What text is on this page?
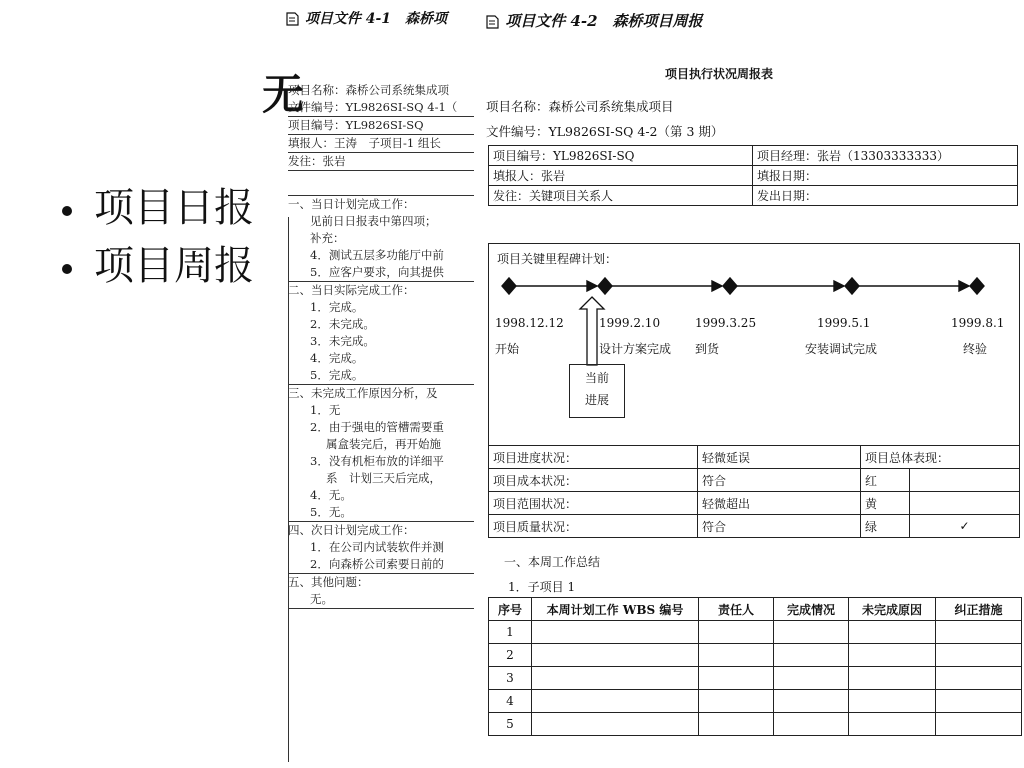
无
项目日报
项目周报
项目文件 4-1　森桥项
项目名称：森桥公司系统集成项
文件编号：YL9826SI-SQ 4-1（
项目编号：YL9826SI-SQ
填报人：王涛　子项目-1 组长
发往：张岩
一、当日计划完成工作：
见前日日报表中第四项；
补充：
4．测试五层多功能厅中前
5．应客户要求，向其提供
二、当日实际完成工作：
1．完成。
2．未完成。
3．未完成。
4．完成。
5．完成。
三、未完成工作原因分析，及
1．无
2．由于强电的管槽需要重
属盒装完后，再开始施
3．没有机柜布放的详细平
系　计划三天后完成，
4．无。
5．无。
四、次日计划完成工作：
1．在公司内试装软件并测
2．向森桥公司索要日前的
五、其他问题：
无。
项目文件 4-2　森桥项目周报
项目执行状况周报表
项目名称：森桥公司系统集成项目
文件编号：YL9826SI-SQ 4-2（第 3 期）
项目编号：YL9826SI-SQ	项目经理：张岩（13303333333）
填报人：张岩	填报日期：
发往：关键项目关系人	发出日期：
项目关键里程碑计划：
1998.12.12
开始
1999.2.10
设计方案完成
1999.3.25
到货
1999.5.1
安装调试完成
1999.8.1
终验
当前
进展
项目进度状况：	轻微延误	项目总体表现：	
项目成本状况：	符合	红	
项目范围状况：	轻微超出	黄	
项目质量状况：	符合	绿	✓
一、本周工作总结
1．子项目 1
序号	本周计划工作 WBS 编号	责任人	完成情况	未完成原因	纠正措施
1					
2					
3					
4					
5					
